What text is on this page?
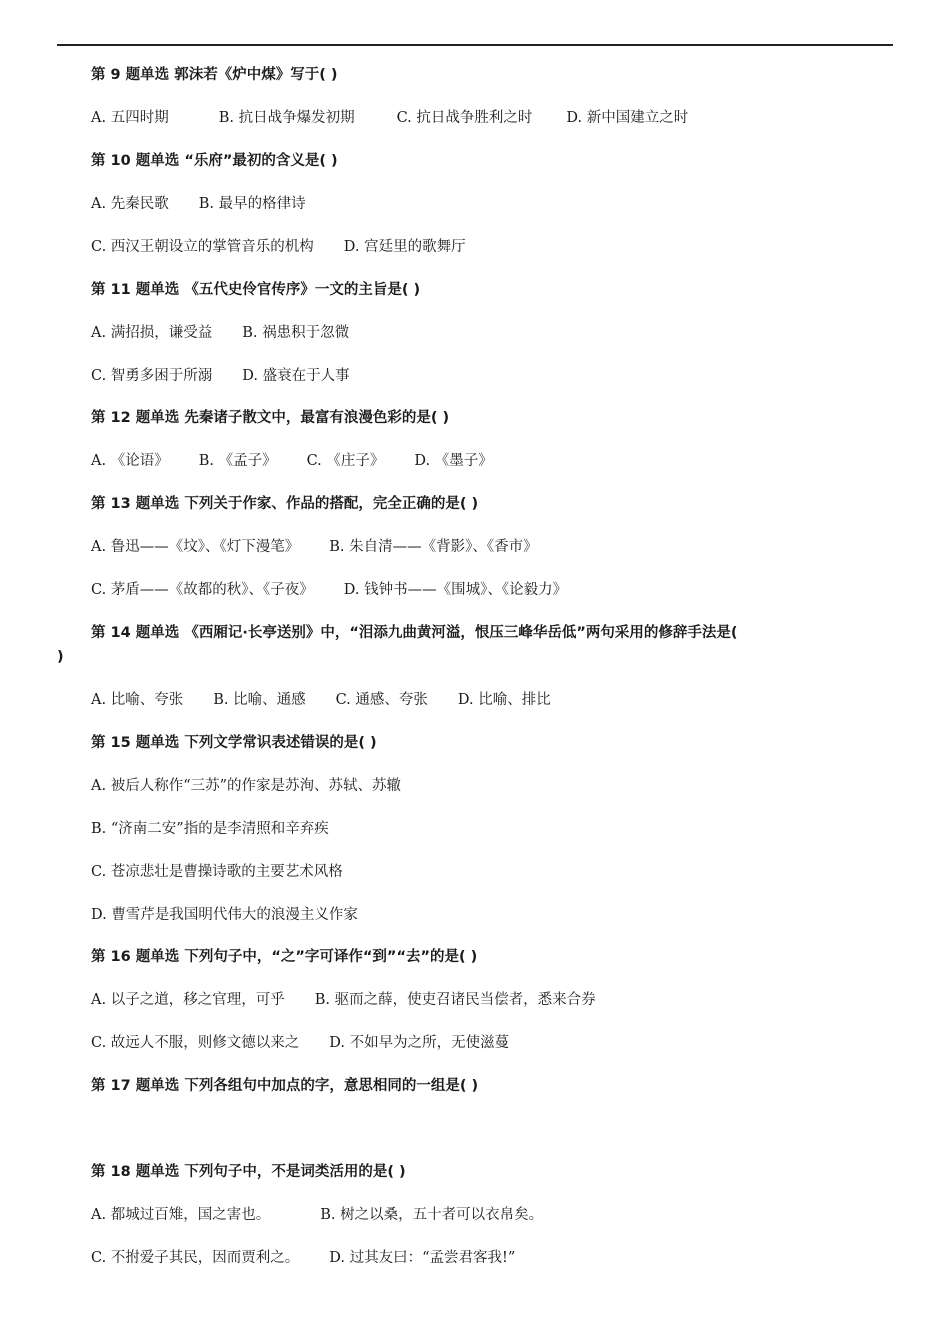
第 9 题单选 郭沫若《炉中煤》写于( )
A. 五四时期	B. 抗日战争爆发初期	C. 抗日战争胜利之时 D. 新中国建立之时
第 10 题单选 “乐府”最初的含义是( )
A. 先秦民歌 B. 最早的格律诗
C. 西汉王朝设立的掌管音乐的机构 D. 宫廷里的歌舞厅
第 11 题单选 《五代史伶官传序》一文的主旨是( )
A. 满招损，谦受益 B. 祸患积于忽微
C. 智勇多困于所溺 D. 盛衰在于人事
第 12 题单选 先秦诸子散文中，最富有浪漫色彩的是( )
A. 《论语》 B. 《孟子》 C. 《庄子》 D. 《墨子》
第 13 题单选 下列关于作家、作品的搭配，完全正确的是( )
A. 鲁迅——《坟》、《灯下漫笔》 B. 朱自清——《背影》、《香市》
C. 茅盾——《故都的秋》、《子夜》 D. 钱钟书——《围城》、《论毅力》
第 14 题单选 《西厢记·长亭送别》中，“泪添九曲黄河溢，恨压三峰华岳低”两句采用的修辞手法是(
)
A. 比喻、夸张 B. 比喻、通感 C. 通感、夸张 D. 比喻、排比
第 15 题单选 下列文学常识表述错误的是( )
A. 被后人称作“三苏”的作家是苏洵、苏轼、苏辙
B. “济南二安”指的是李清照和辛弃疾
C. 苍凉悲壮是曹操诗歌的主要艺术风格
D. 曹雪芹是我国明代伟大的浪漫主义作家
第 16 题单选 下列句子中，“之”字可译作“到”“去”的是( )
A. 以子之道，移之官理，可乎 B. 驱而之薛，使吏召诸民当偿者，悉来合券
C. 故远人不服，则修文德以来之 D. 不如早为之所，无使滋蔓
第 17 题单选 下列各组句中加点的字，意思相同的一组是( )
第 18 题单选 下列句子中，不是词类活用的是( )
A. 都城过百雉，国之害也。	B. 树之以桑，五十者可以衣帛矣。
C. 不拊爱子其民，因而贾利之。 D. 过其友曰：“孟尝君客我!”
